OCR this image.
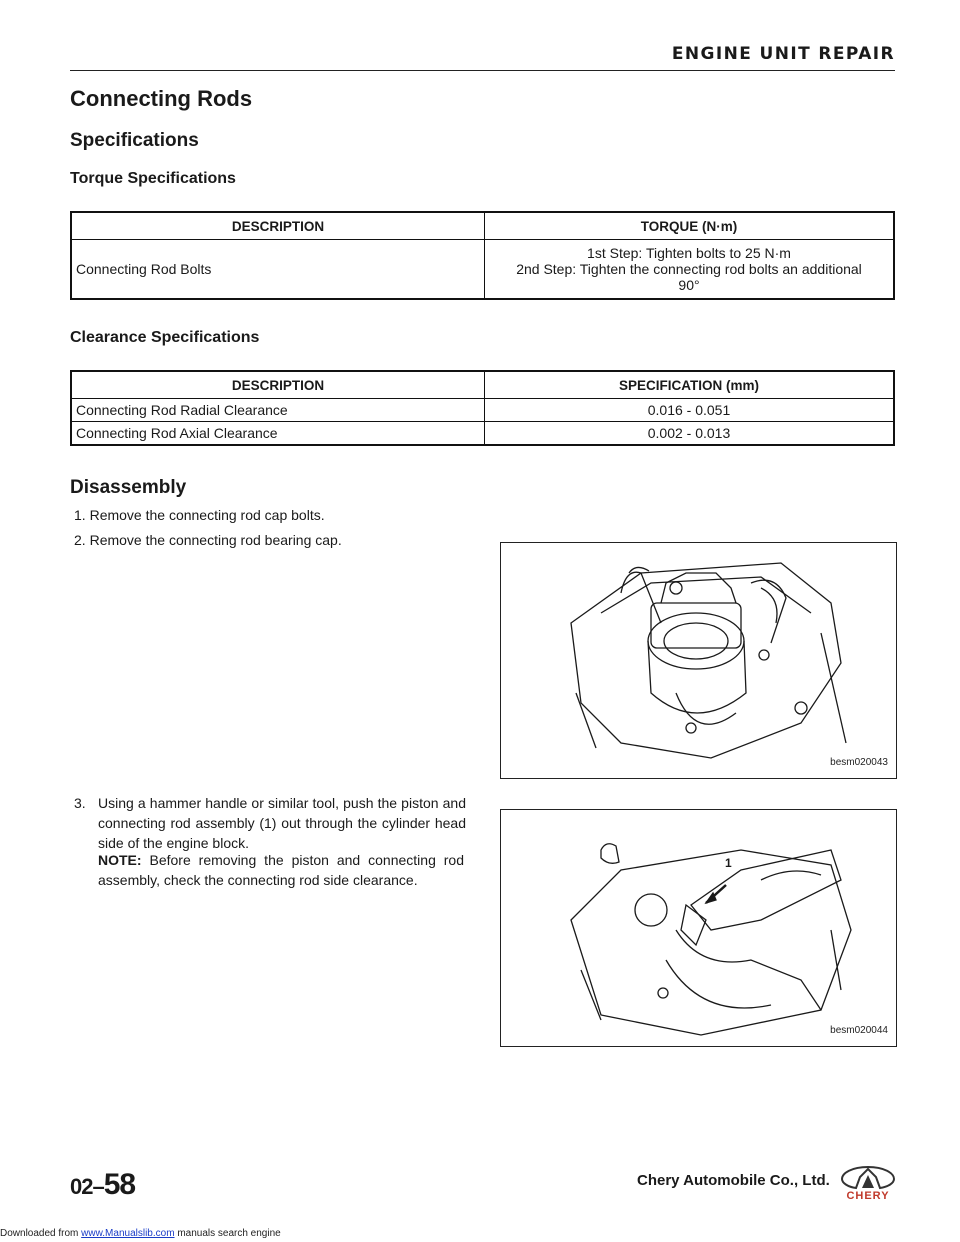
ENGINE UNIT REPAIR
Connecting Rods
Specifications
Torque Specifications
DESCRIPTION	TORQUE (N·m)
Connecting Rod Bolts	1st Step: Tighten bolts to 25 N·m
2nd Step: Tighten the connecting rod bolts an additional
90°
Clearance Specifications
DESCRIPTION	SPECIFICATION (mm)
Connecting Rod Radial Clearance	0.016 - 0.051
Connecting Rod Axial Clearance	0.002 - 0.013
Disassembly
1. Remove the connecting rod cap bolts.
2. Remove the connecting rod bearing cap.
besm020043
3. Using a hammer handle or similar tool, push the piston and connecting rod assembly (1) out through the cylinder head side of the engine block.
NOTE: Before removing the piston and connecting rod assembly, check the connecting rod side clearance.
1
besm020044
02–58	Chery Automobile Co., Ltd.
CHERY
Downloaded from www.Manualslib.com manuals search engine
